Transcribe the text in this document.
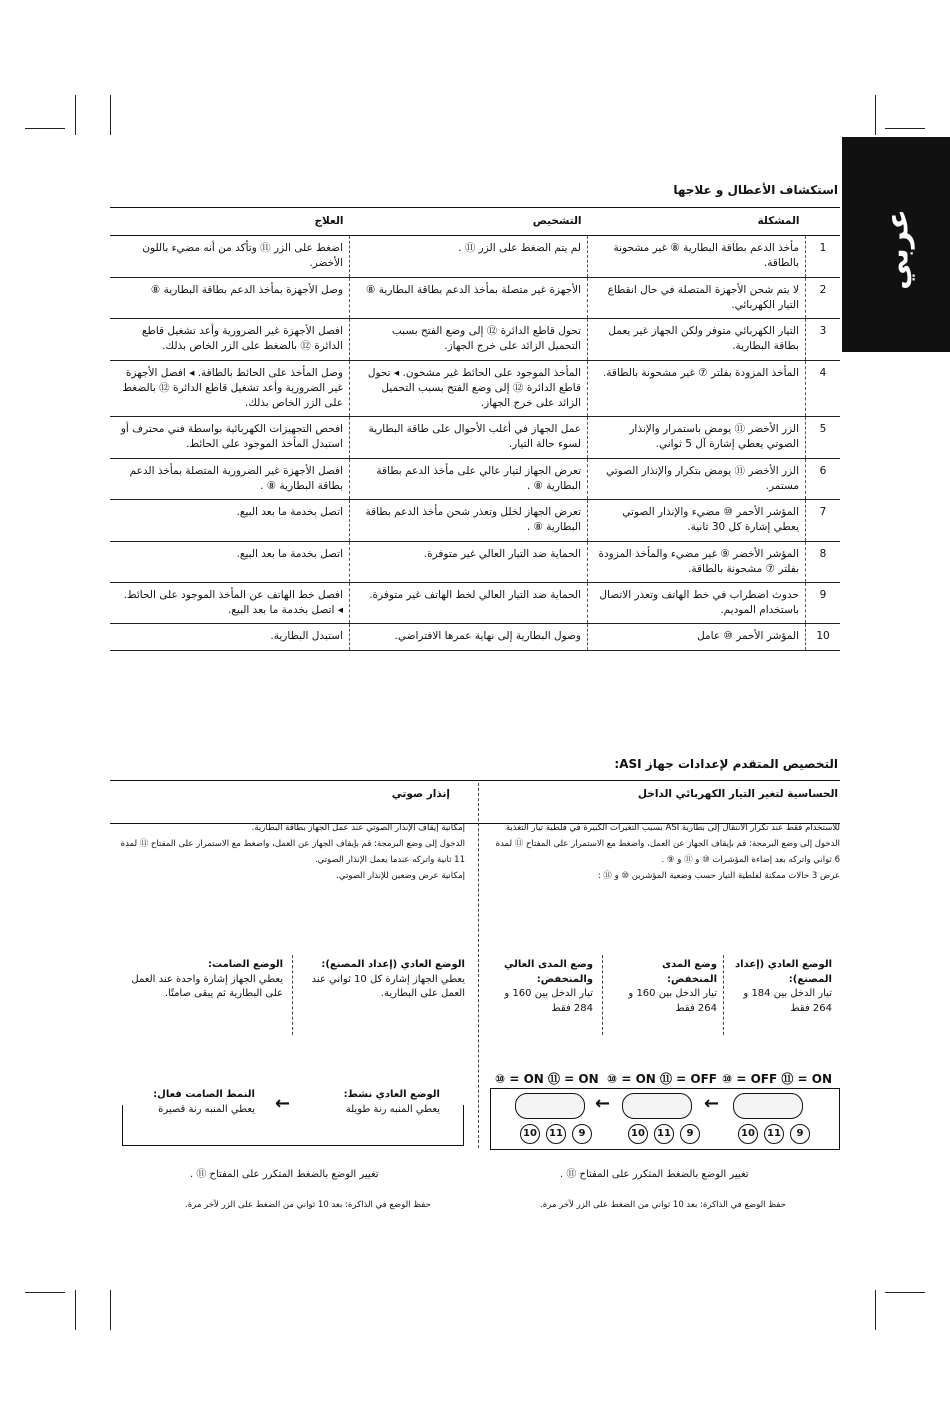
عربي
استكشاف الأعطال و علاجها
	المشكلة	التشخيص	العلاج
1	مأخذ الدعم بطاقة البطارية ⑧ غير مشحونة بالطاقة.	لم يتم الضغط على الزر ⑪ .	اضغط على الزر ⑪ وتأكد من أنه مضيء باللون الأخضر.
2	لا يتم شحن الأجهزة المتصلة في حال انقطاع التيار الكهربائي.	الأجهزة غير متصلة بمأخذ الدعم بطاقة البطارية ⑧	وصل الأجهزة بمأخذ الدعم بطاقة البطارية ⑧
3	التيار الكهربائي متوفر ولكن الجهاز غير يعمل بطاقة البطارية.	تحول قاطع الدائرة ⑫ إلى وضع الفتح بسبب التحميل الزائد على خرج الجهاز.	افصل الأجهزة غير الضرورية وأعد تشغيل قاطع الدائرة ⑫ بالضغط على الزر الخاص بذلك.
4	المأخذ المزودة بفلتر ⑦ غير مشحونة بالطاقة.	المأخذ الموجود على الحائط غير مشحون. ◂ تحول قاطع الدائرة ⑫ إلى وضع الفتح بسبب التحميل الزائد على خرج الجهاز.	وصل المأخذ على الحائط بالطاقة. ◂ افصل الأجهزة غير الضرورية وأعد تشغيل قاطع الدائرة ⑫ بالضغط على الزر الخاص بذلك.
5	الزر الأخضر ⑪ يومض باستمرار والإنذار الصوتي يعطي إشارة آل 5 ثواني.	عمل الجهاز في أغلب الأحوال على طاقة البطارية لسوء حالة التيار.	افحص التجهيزات الكهربائية بواسطة فني محترف أو استبدل المأخذ الموجود على الحائط.
6	الزر الأخضر ⑪ يومض بتكرار والإنذار الصوتي مستمر.	تعرض الجهاز لتيار عالي على مأخذ الدعم بطاقة البطارية ⑧ .	افصل الأجهزة غير الضرورية المتصلة بمأخذ الدعم بطاقة البطارية ⑧ .
7	المؤشر الأحمر ⑩ مضيء والإنذار الصوتي يعطي إشارة كل 30 ثانية.	تعرض الجهاز لخلل وتعذر شحن مأخذ الدعم بطاقة البطارية ⑧ .	اتصل بخدمة ما بعد البيع.
8	المؤشر الأخضر ⑨ غير مضيء والمأخذ المزودة بفلتر ⑦ مشحونة بالطاقة.	الحماية ضد التيار العالي غير متوفرة.	اتصل بخدمة ما بعد البيع.
9	حدوث اضطراب في خط الهاتف وتعذر الاتصال باستخدام الموديم.	الحماية ضد التيار العالي لخط الهاتف غير متوفرة.	افصل خط الهاتف عن المأخذ الموجود على الحائط. ◂ اتصل بخدمة ما بعد البيع.
10	المؤشر الأحمر ⑩ عامل	وصول البطارية إلى نهاية عمرها الافتراضي.	استبدل البطارية.
التخصيص المتقدم لإعدادات جهاز ASI:
الحساسية لتغير التيار الكهربائي الداخل
إنذار صوتي
للاستخدام فقط عند تكرار الانتقال إلى بطارية ASI بسبب التغيرات الكبيرة في فلطية تيار التغذية
الدخول إلى وضع البرمجة: قم بإيقاف الجهاز عن العمل، واضغط مع الاستمرار على المفتاح ⑪ لمدة 6 ثواني واتركه بعد إضاءة المؤشرات ⑩ و ⑪ و ⑨ .
عرض 3 حالات ممكنة لفلطية التيار حسب وضعية المؤشرين ⑩ و ⑪ :
إمكانية إيقاف الإنذار الصوتي عند عمل الجهاز بطاقة البطارية.
الدخول إلى وضع البرمجة: قم بإيقاف الجهاز عن العمل، واضغط مع الاستمرار على المفتاح ⑪ لمدة 11 ثانية واتركه عندما يعمل الإنذار الصوتي.
إمكانية عرض وضعين للإنذار الصوتي.
الوضع العادي (إعداد المصنع):
تيار الدخل بين 184 و 264 فقط
وضع المدى المنخفض:
تيار الدخل بين 160 و 264 فقط
وضع المدى العالي والمنخفض:
تيار الدخل بين 160 و 284 فقط
الوضع العادي (إعداد المصنع):
يعطي الجهاز إشارة كل 10 ثواني عند العمل على البطارية.
الوضع الصامت:
يعطي الجهاز إشارة واحدة عند العمل على البطارية ثم يبقى صامتًا.
⑩ = ON ⑪ = ON ⑩ = ON ⑪ = OFF ⑩ = OFF ⑪ = ON
←	←
10 11 9	10 11 9	10 11 9
الوضع العادي نشط:
يعطي المنبه رنة طويلة
النمط الصامت فعال:
يعطي المنبه رنة قصيرة ←
تغيير الوضع بالضغط المتكرر على المفتاح ⑪ .
تغيير الوضع بالضغط المتكرر على المفتاح ⑪ .
حفظ الوضع في الذاكرة: بعد 10 ثواني من الضغط على الزر لآخر مرة.
حفظ الوضع في الذاكرة: بعد 10 ثواني من الضغط على الزر لآخر مرة.
